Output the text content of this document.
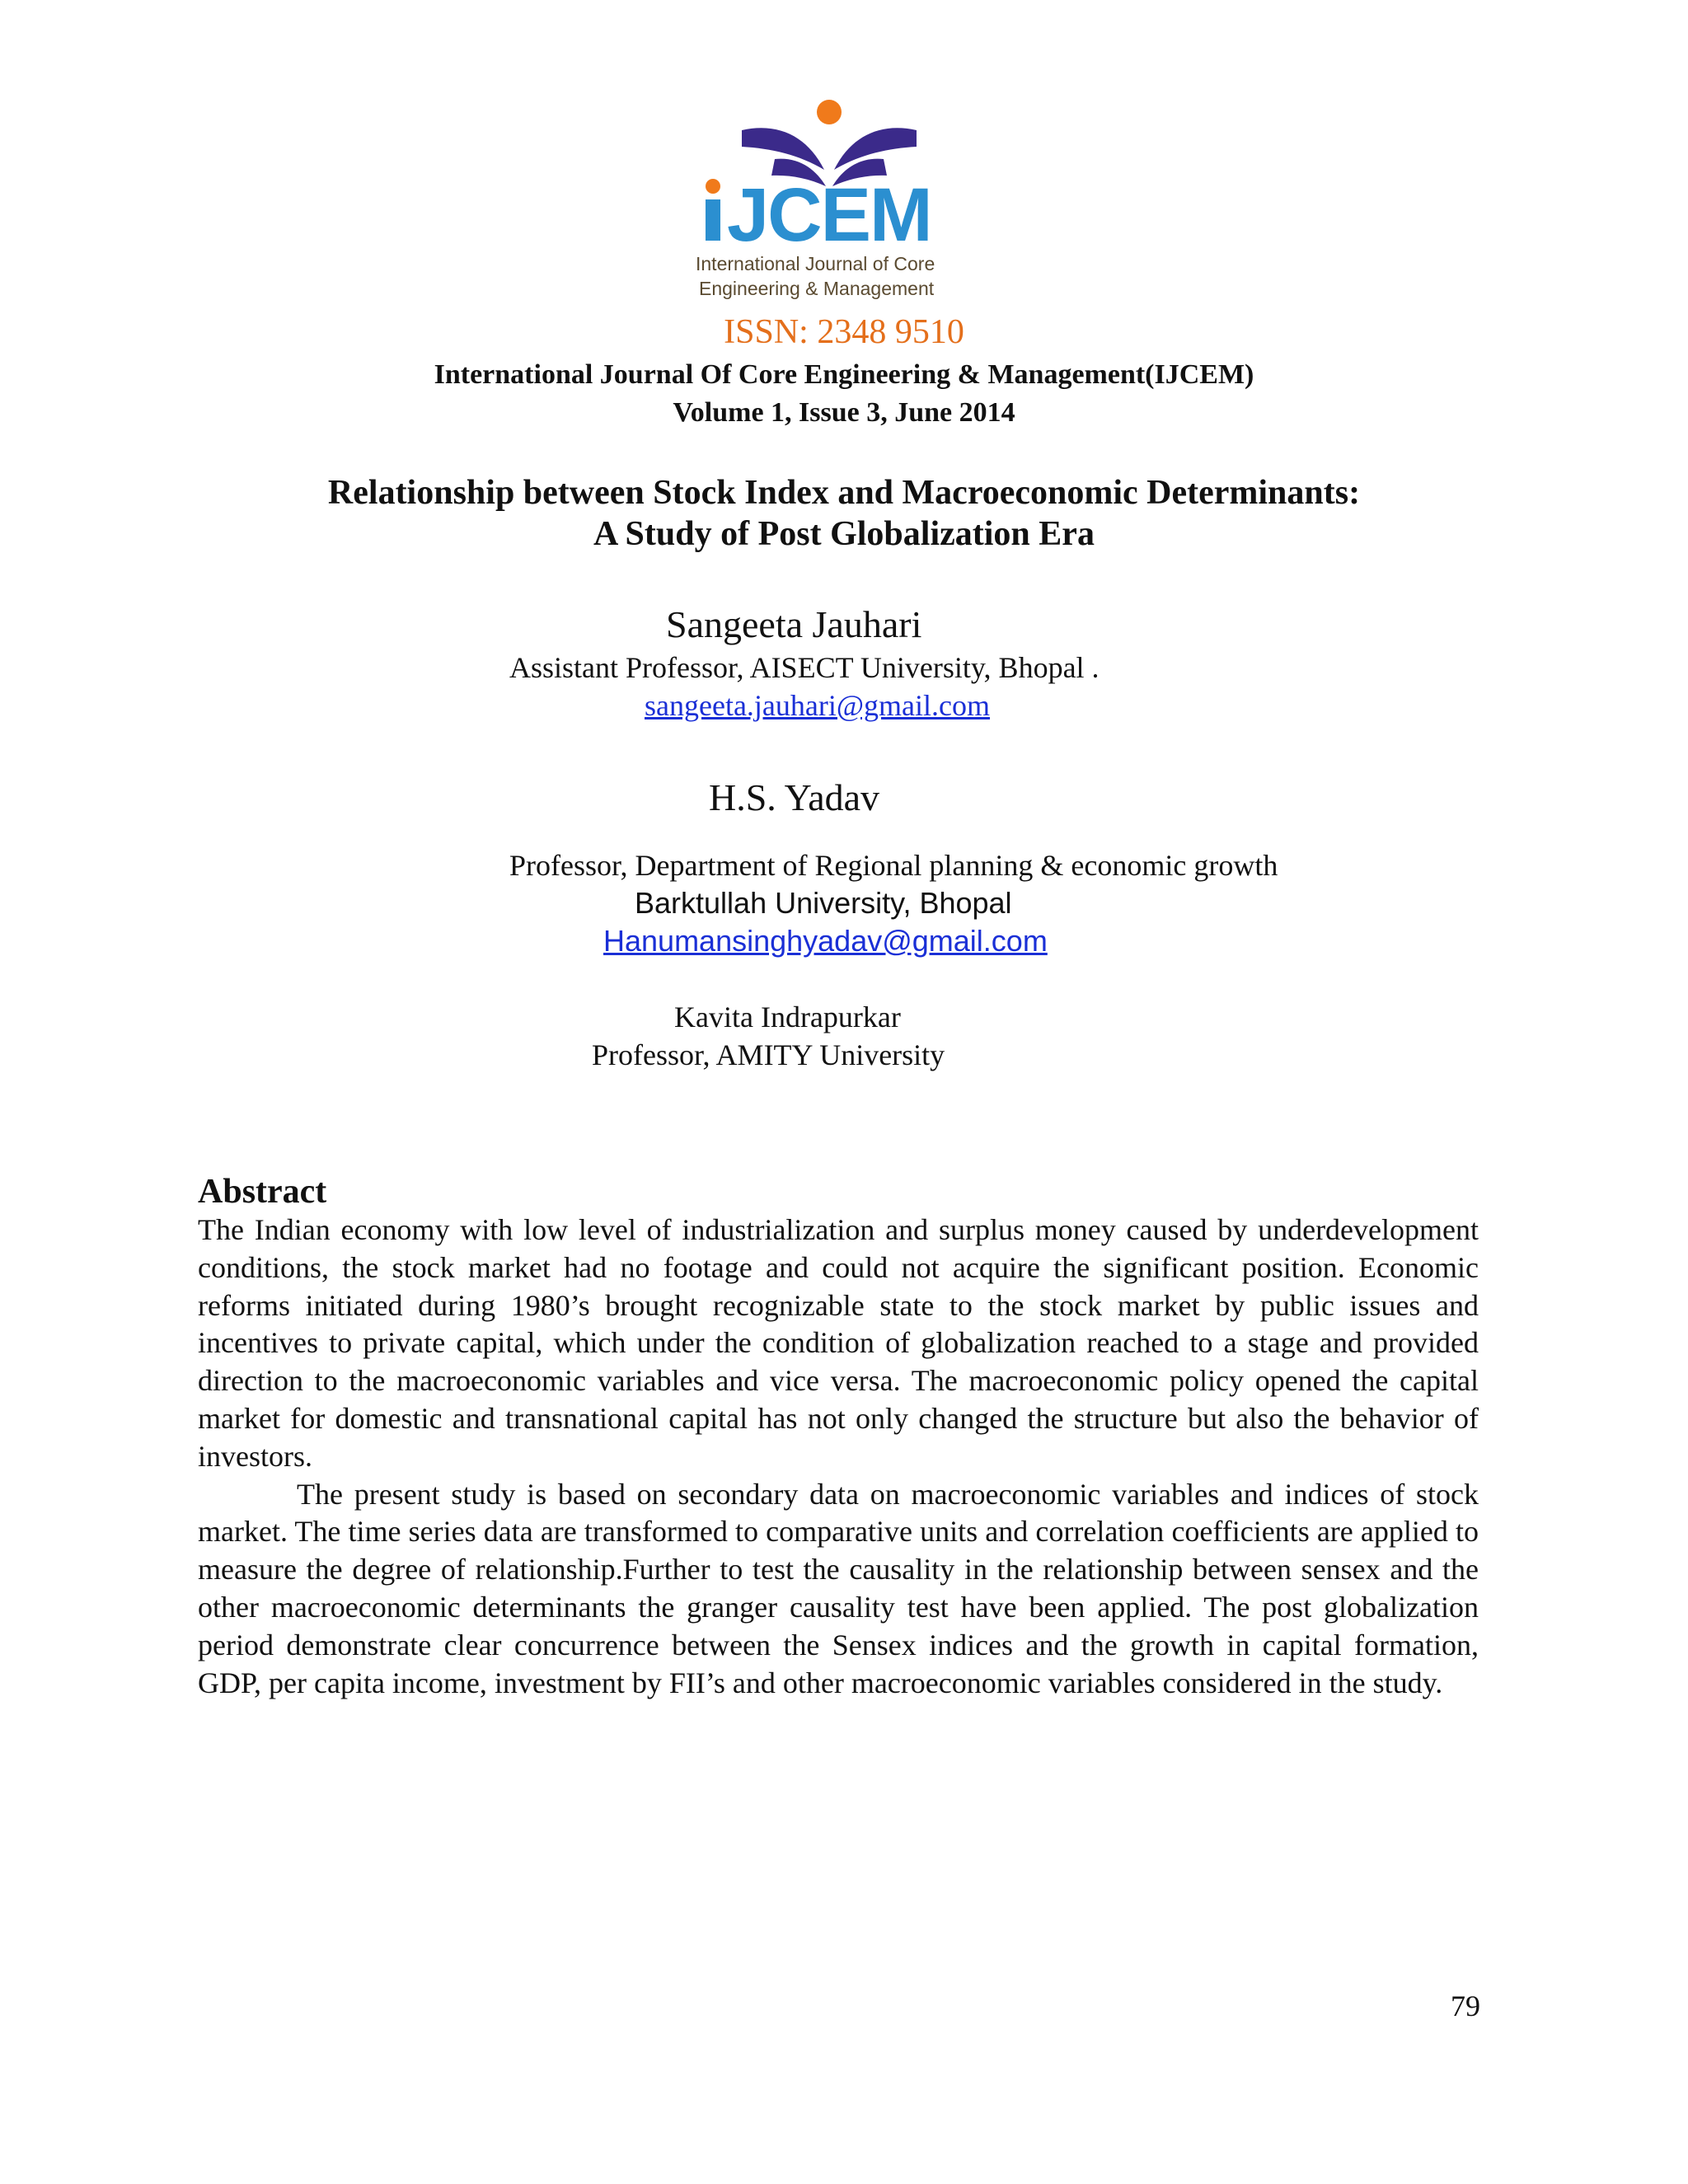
JCEM
International Journal of Core
Engineering & Management
ISSN: 2348 9510
International Journal Of Core Engineering & Management(IJCEM)
Volume 1, Issue 3, June 2014
Relationship between Stock Index and Macroeconomic Determinants:
A Study of Post Globalization Era
Sangeeta Jauhari
Assistant Professor, AISECT University, Bhopal .
sangeeta.jauhari@gmail.com
H.S. Yadav
Professor, Department of Regional planning & economic growth
Barktullah University, Bhopal
Hanumansinghyadav@gmail.com
Kavita Indrapurkar
Professor, AMITY University
Abstract

The Indian economy with low level of industrialization and surplus money caused by underdevelopment conditions, the stock market had no footage and could not acquire the significant position. Economic reforms initiated during 1980’s brought recognizable state to the stock market by public issues and incentives to private capital, which under the condition of globalization reached to a stage and provided direction to the macroeconomic variables and vice versa. The macroeconomic policy opened the capital market for domestic and transnational capital has not only changed the structure but also the behavior of investors.

The present study is based on secondary data on macroeconomic variables and indices of stock market. The time series data are transformed to comparative units and correlation coefficients are applied to measure the degree of relationship.Further to test the causality in the relationship between sensex and the other macroeconomic determinants the granger causality test have been applied. The post globalization period demonstrate clear concurrence between the Sensex indices and the growth in capital formation, GDP, per capita income, investment by FII’s and other macroeconomic variables considered in the study.

79
